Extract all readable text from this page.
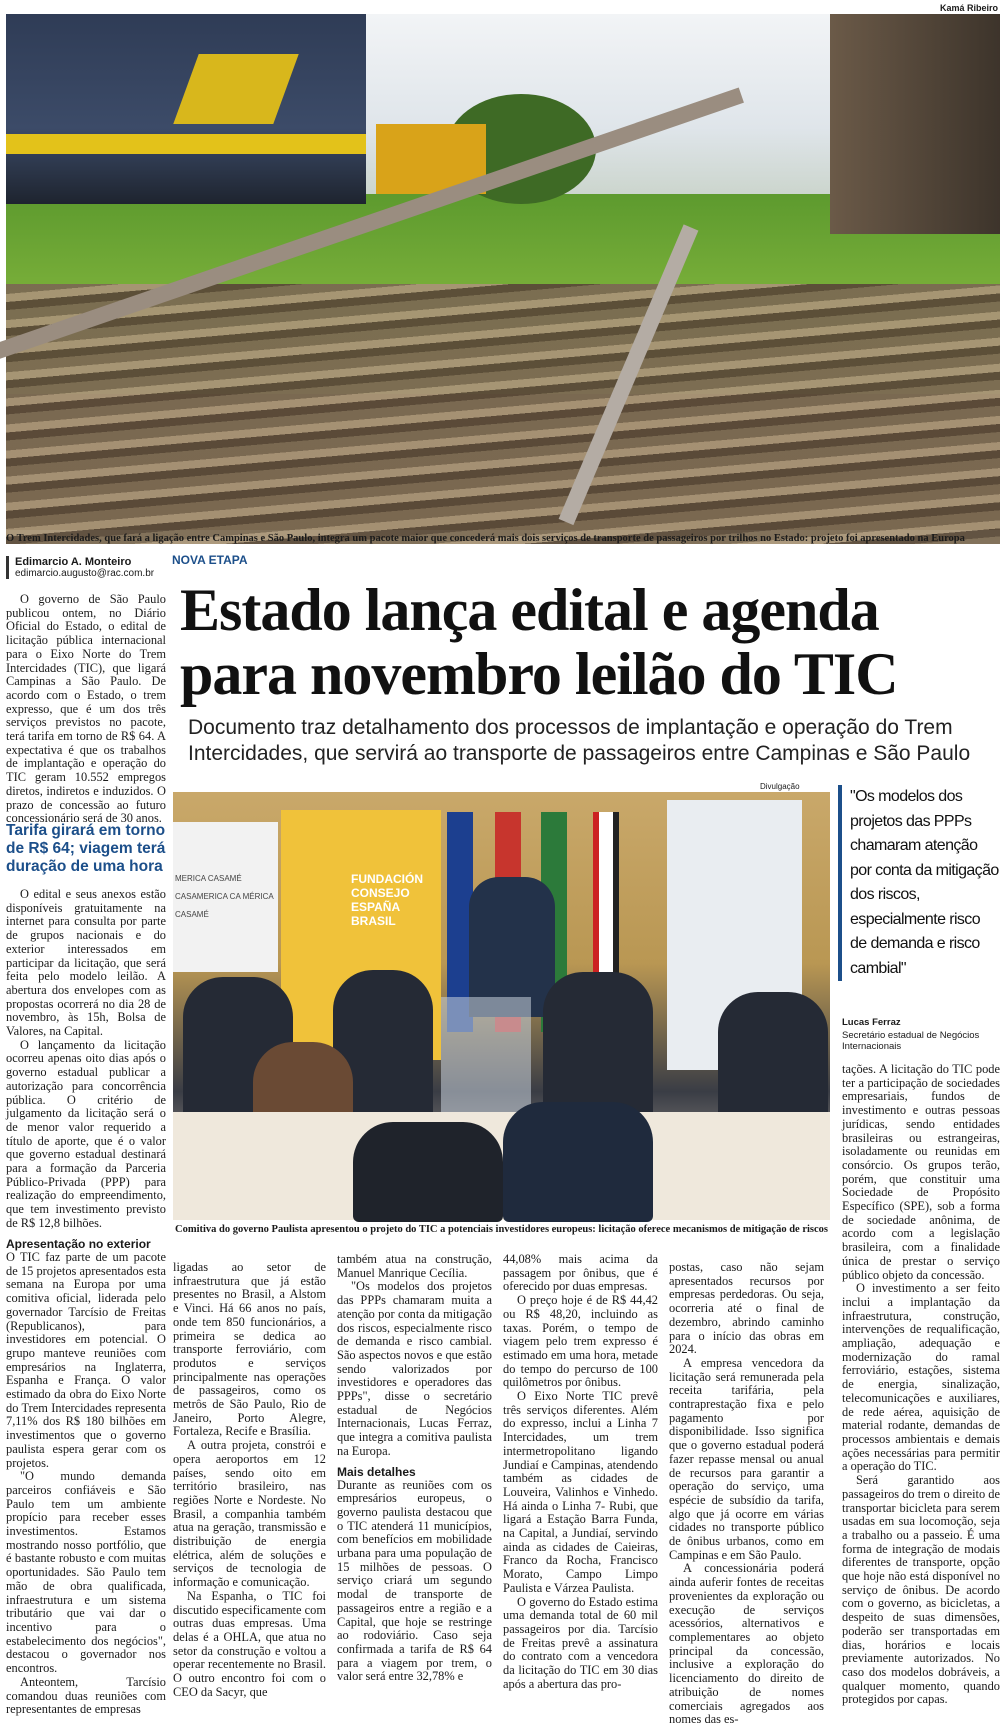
Kamá Ribeiro
O Trem Intercidades, que fará a ligação entre Campinas e São Paulo, integra um pacote maior que concederá mais dois serviços de transporte de passageiros por trilhos no Estado: projeto foi apresentado na Europa
Edimarcio A. Monteiro
edimarcio.augusto@rac.com.br
NOVA ETAPA
Estado lança edital e agenda para novembro leilão do TIC
Documento traz detalhamento dos processos de implantação e operação do Trem Intercidades, que servirá ao transporte de passageiros entre Campinas e São Paulo

O governo de São Paulo publicou ontem, no Diário Oficial do Estado, o edital de licitação pública internacional para o Eixo Norte do Trem Intercidades (TIC), que ligará Campinas a São Paulo. De acordo com o Estado, o trem expresso, que é um dos três serviços previstos no pacote, terá tarifa em torno de R$ 64. A expectativa é que os trabalhos de implantação e operação do TIC geram 10.552 empregos diretos, indiretos e induzidos. O prazo de concessão ao futuro concessionário será de 30 anos.

Tarifa girará em torno de R$ 64; viagem terá duração de uma hora

O edital e seus anexos estão disponíveis gratuitamente na internet para consulta por parte de grupos nacionais e do exterior interessados em participar da licitação, que será feita pelo modelo leilão. A abertura dos envelopes com as propostas ocorrerá no dia 28 de novembro, às 15h, Bolsa de Valores, na Capital.

O lançamento da licitação ocorreu apenas oito dias após o governo estadual publicar a autorização para concorrência pública. O critério de julgamento da licitação será o de menor valor requerido a título de aporte, que é o valor que governo estadual destinará para a formação da Parceria Público-Privada (PPP) para realização do empreendimento, que tem investimento previsto de R$ 12,8 bilhões.

Divulgação
MERICA CASAMÉ CASAMERICA CA MÉRICA CASAMÉ
FUNDACIÓN CONSEJO ESPAÑA BRASIL
Comitiva do governo Paulista apresentou o projeto do TIC a potenciais investidores europeus: licitação oferece mecanismos de mitigação de riscos
"Os modelos dos projetos das PPPs chamaram atenção por conta da mitigação dos riscos, especialmente risco de demanda e risco cambial"
Lucas Ferraz
Secretário estadual de Negócios Internacionais

tações. A licitação do TIC pode ter a participação de sociedades empresariais, fundos de investimento e outras pessoas jurídicas, sendo entidades brasileiras ou estrangeiras, isoladamente ou reunidas em consórcio. Os grupos terão, porém, que constituir uma Sociedade de Propósito Específico (SPE), sob a forma de sociedade anônima, de acordo com a legislação brasileira, com a finalidade única de prestar o serviço público objeto da concessão.

O investimento a ser feito inclui a implantação da infraestrutura, construção, intervenções de requalificação, ampliação, adequação e modernização do ramal ferroviário, estações, sistema de energia, sinalização, telecomunicações e auxiliares, de rede aérea, aquisição de material rodante, demandas de processos ambientais e demais ações necessárias para permitir a operação do TIC.

Será garantido aos passageiros do trem o direito de transportar bicicleta para serem usadas em sua locomoção, seja a trabalho ou a passeio. É uma forma de integração de modais diferentes de transporte, opção que hoje não está disponível no serviço de ônibus. De acordo com o governo, as bicicletas, a despeito de suas dimensões, poderão ser transportadas em dias, horários e locais previamente autorizados. No caso dos modelos dobráveis, a qualquer momento, quando protegidos por capas.

Apresentação no exterior

O TIC faz parte de um pacote de 15 projetos apresentados esta semana na Europa por uma comitiva oficial, liderada pelo governador Tarcísio de Freitas (Republicanos), para investidores em potencial. O grupo manteve reuniões com empresários na Inglaterra, Espanha e França. O valor estimado da obra do Eixo Norte do Trem Intercidades representa 7,11% dos R$ 180 bilhões em investimentos que o governo paulista espera gerar com os projetos.

"O mundo demanda parceiros confiáveis e São Paulo tem um ambiente propício para receber esses investimentos. Estamos mostrando nosso portfólio, que é bastante robusto e com muitas oportunidades. São Paulo tem mão de obra qualificada, infraestrutura e um sistema tributário que vai dar o incentivo para o estabelecimento dos negócios", destacou o governador nos encontros.

Anteontem, Tarcísio comandou duas reuniões com representantes de empresas

ligadas ao setor de infraestrutura que já estão presentes no Brasil, a Alstom e Vinci. Há 66 anos no país, onde tem 850 funcionários, a primeira se dedica ao transporte ferroviário, com produtos e serviços principalmente nas operações de passageiros, como os metrôs de São Paulo, Rio de Janeiro, Porto Alegre, Fortaleza, Recife e Brasília.

A outra projeta, constrói e opera aeroportos em 12 países, sendo oito em território brasileiro, nas regiões Norte e Nordeste. No Brasil, a companhia também atua na geração, transmissão e distribuição de energia elétrica, além de soluções e serviços de tecnologia de informação e comunicação.

Na Espanha, o TIC foi discutido especificamente com outras duas empresas. Uma delas é a OHLA, que atua no setor da construção e voltou a operar recentemente no Brasil. O outro encontro foi com o CEO da Sacyr, que

também atua na construção, Manuel Manrique Cecília.

"Os modelos dos projetos das PPPs chamaram muita a atenção por conta da mitigação dos riscos, especialmente risco de demanda e risco cambial. São aspectos novos e que estão sendo valorizados por investidores e operadores das PPPs", disse o secretário estadual de Negócios Internacionais, Lucas Ferraz, que integra a comitiva paulista na Europa.

Mais detalhes

Durante as reuniões com os empresários europeus, o governo paulista destacou que o TIC atenderá 11 municípios, com benefícios em mobilidade urbana para uma população de 15 milhões de pessoas. O serviço criará um segundo modal de transporte de passageiros entre a região e a Capital, que hoje se restringe ao rodoviário. Caso seja confirmada a tarifa de R$ 64 para a viagem por trem, o valor será entre 32,78% e

44,08% mais acima da passagem por ônibus, que é oferecido por duas empresas.

O preço hoje é de R$ 44,42 ou R$ 48,20, incluindo as taxas. Porém, o tempo de viagem pelo trem expresso é estimado em uma hora, metade do tempo do percurso de 100 quilômetros por ônibus.

O Eixo Norte TIC prevê três serviços diferentes. Além do expresso, inclui a Linha 7 Intercidades, um trem intermetropolitano ligando Jundiaí e Campinas, atendendo também as cidades de Louveira, Valinhos e Vinhedo. Há ainda o Linha 7- Rubi, que ligará a Estação Barra Funda, na Capital, a Jundiaí, servindo ainda as cidades de Caieiras, Franco da Rocha, Francisco Morato, Campo Limpo Paulista e Várzea Paulista.

O governo do Estado estima uma demanda total de 60 mil passageiros por dia. Tarcísio de Freitas prevê a assinatura do contrato com a vencedora da licitação do TIC em 30 dias após a abertura das pro-

postas, caso não sejam apresentados recursos por empresas perdedoras. Ou seja, ocorreria até o final de dezembro, abrindo caminho para o início das obras em 2024.

A empresa vencedora da licitação será remunerada pela receita tarifária, pela contraprestação fixa e pelo pagamento por disponibilidade. Isso significa que o governo estadual poderá fazer repasse mensal ou anual de recursos para garantir a operação do serviço, uma espécie de subsídio da tarifa, algo que já ocorre em várias cidades no transporte público de ônibus urbanos, como em Campinas e em São Paulo.

A concessionária poderá ainda auferir fontes de receitas provenientes da exploração ou execução de serviços acessórios, alternativos e complementares ao objeto principal da concessão, inclusive a exploração do licenciamento do direito de atribuição de nomes comerciais agregados aos nomes das es-
